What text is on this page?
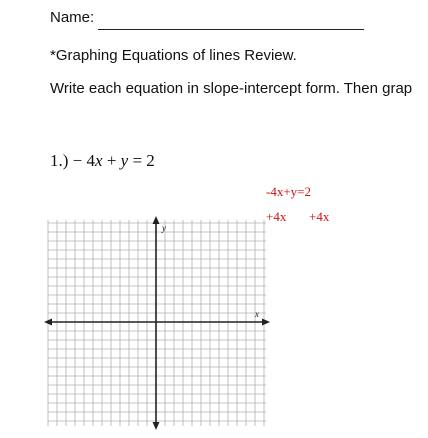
Name:
*Graphing Equations of lines Review.
Write each equation in slope-intercept form. Then grap
1.) − 4x + y = 2
-4x+y=2
+4x +4x
x
y
